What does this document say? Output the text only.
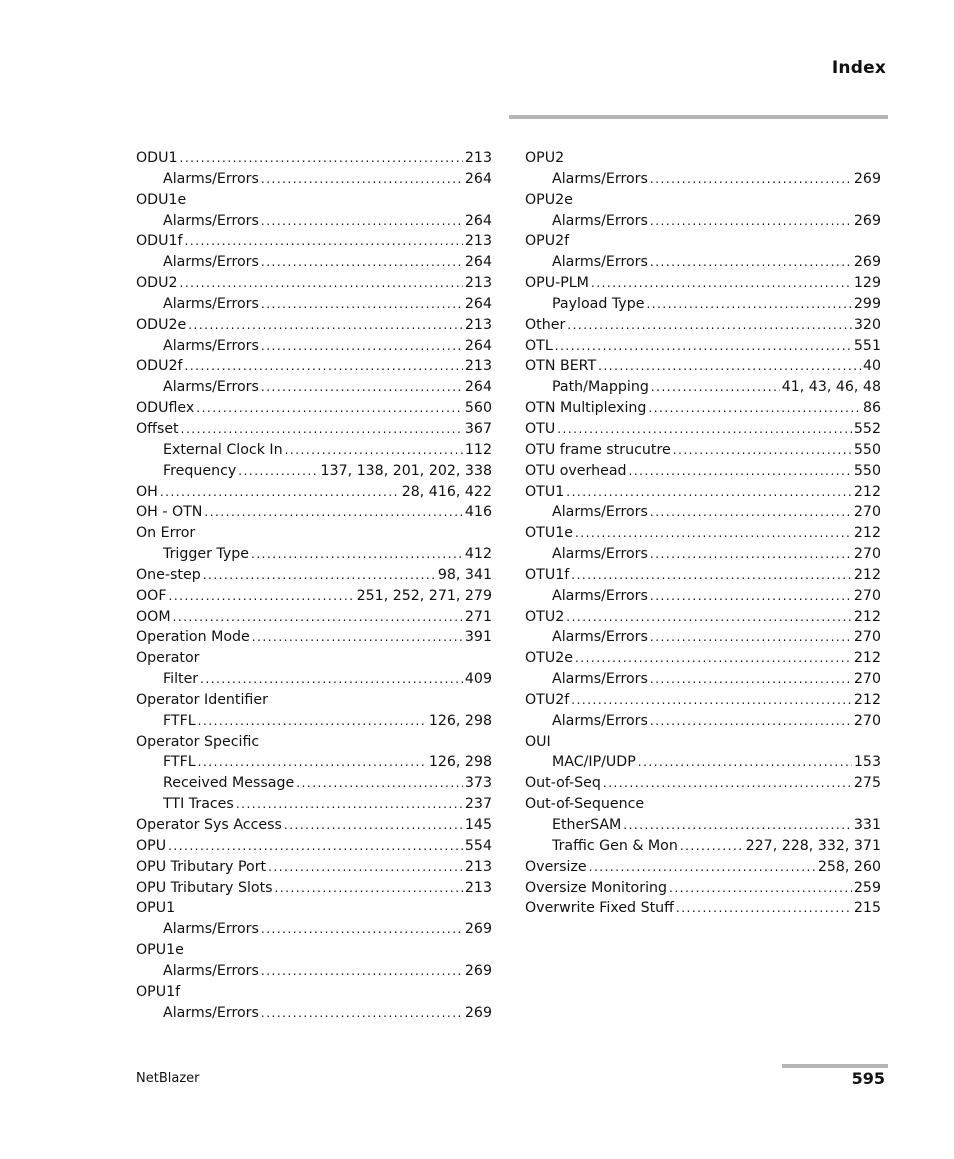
Index
ODU1 .....	213
Alarms/Errors .....	264
ODU1e
Alarms/Errors .....	264
ODU1f .....	213
Alarms/Errors .....	264
ODU2 .....	213
Alarms/Errors .....	264
ODU2e .....	213
Alarms/Errors .....	264
ODU2f .....	213
Alarms/Errors .....	264
ODUflex .....	560
Offset .....	367
External Clock In .....	112
Frequency .....	137, 138, 201, 202, 338
OH .....	28, 416, 422
OH - OTN .....	416
On Error
Trigger Type .....	412
One-step .....	98, 341
OOF .....	251, 252, 271, 279
OOM .....	271
Operation Mode .....	391
Operator
Filter .....	409
Operator Identifier
FTFL .....	126, 298
Operator Specific
FTFL .....	126, 298
Received Message .....	373
TTI Traces .....	237
Operator Sys Access .....	145
OPU .....	554
OPU Tributary Port .....	213
OPU Tributary Slots .....	213
OPU1
Alarms/Errors .....	269
OPU1e
Alarms/Errors .....	269
OPU1f
Alarms/Errors .....	269
OPU2
Alarms/Errors .....	269
OPU2e
Alarms/Errors .....	269
OPU2f
Alarms/Errors .....	269
OPU-PLM .....	129
Payload Type .....	299
Other .....	320
OTL .....	551
OTN BERT .....	40
Path/Mapping .....	41, 43, 46, 48
OTN Multiplexing .....	86
OTU .....	552
OTU frame strucutre .....	550
OTU overhead .....	550
OTU1 .....	212
Alarms/Errors .....	270
OTU1e .....	212
Alarms/Errors .....	270
OTU1f .....	212
Alarms/Errors .....	270
OTU2 .....	212
Alarms/Errors .....	270
OTU2e .....	212
Alarms/Errors .....	270
OTU2f .....	212
Alarms/Errors .....	270
OUI
MAC/IP/UDP .....	153
Out-of-Seq .....	275
Out-of-Sequence
EtherSAM .....	331
Traffic Gen & Mon .....	227, 228, 332, 371
Oversize .....	258, 260
Oversize Monitoring .....	259
Overwrite Fixed Stuff .....	215
NetBlazer	595
